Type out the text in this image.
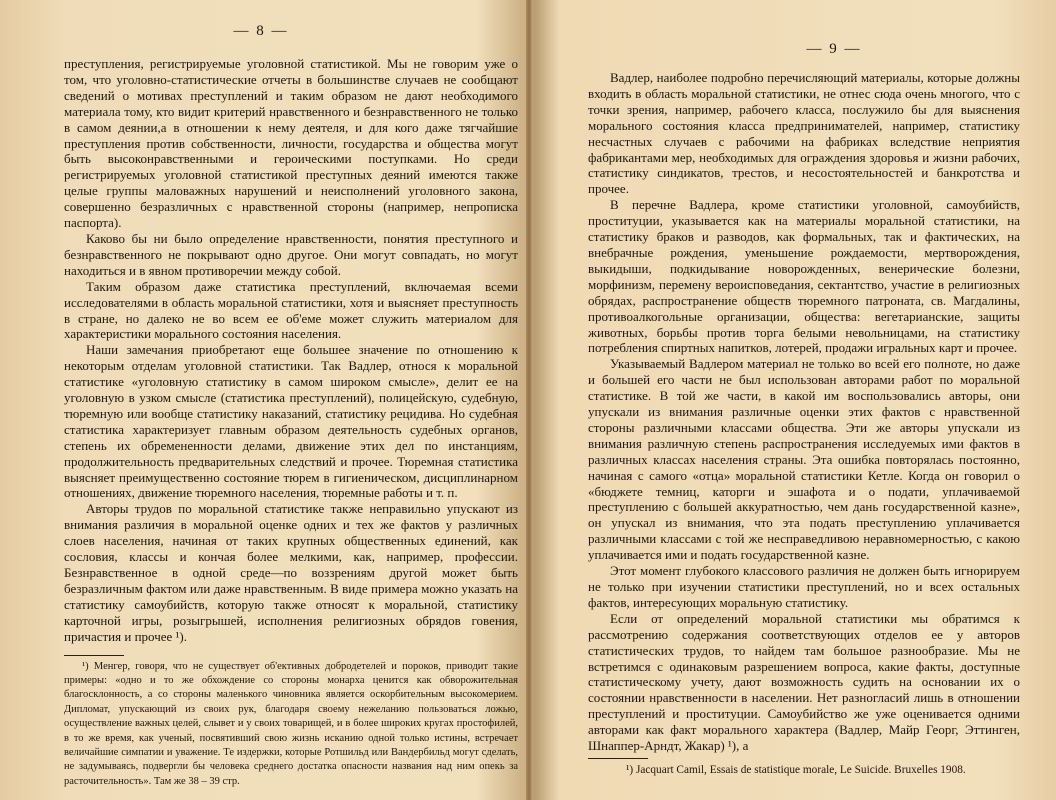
— 8 —

преступления, регистрируемые уголовной статистикой. Мы не говорим уже о том, что уголовно-статистические отчеты в большинстве случаев не сообщают сведений о мотивах преступлений и таким образом не дают необходимого материала тому, кто видит критерий нравственного и безнравственного не только в самом деянии,а в отношении к нему деятеля, и для кого даже тягчайшие преступления против собственности, личности, государства и общества могут быть высоконравственными и героическими поступками. Но среди регистрируемых уголовной статистикой преступных деяний имеются также целые группы маловажных нарушений и неисполнений уголовного закона, совершенно безразличных с нравственной стороны (например, непрописка паспорта).

Каково бы ни было определение нравственности, понятия преступного и безнравственного не покрывают одно другое. Они могут совпадать, но могут находиться и в явном противоречии между собой.

Таким образом даже статистика преступлений, включаемая всеми исследователями в область моральной статистики, хотя и выясняет преступность в стране, но далеко не во всем ее об'еме может служить материалом для характеристики морального состояния населения.

Наши замечания приобретают еще большее значение по отношению к некоторым отделам уголовной статистики. Так Вадлер, относя к моральной статистике «уголовную статистику в самом широком смысле», делит ее на уголовную в узком смысле (статистика преступлений), полицейскую, судебную, тюремную или вообще статистику наказаний, статистику рецидива. Но судебная статистика характеризует главным образом деятельность судебных органов, степень их обремененности делами, движение этих дел по инстанциям, продолжительность предварительных следствий и прочее. Тюремная статистика выясняет преимущественно состояние тюрем в гигиеническом, дисциплинарном отношениях, движение тюремного населения, тюремные работы и т. п.

Авторы трудов по моральной статистике также неправильно упускают из внимания различия в моральной оценке одних и тех же фактов у различных слоев населения, начиная от таких крупных общественных единений, как сословия, классы и кончая более мелкими, как, например, профессии. Безнравственное в одной среде—по воззрениям другой может быть безразличным фактом или даже нравственным. В виде примера можно указать на статистику самоубийств, которую также относят к моральной, статистику карточной игры, розыгрышей, исполнения религиозных обрядов говения, причастия и прочее ¹).

¹) Менгер, говоря, что не существует об'ективных добродетелей и пороков, приводит такие примеры: «одно и то же обхождение со стороны монарха ценится как обворожительная благосклонность, а со стороны маленького чиновника является оскорбительным высокомерием. Дипломат, упускающий из своих рук, благодаря своему нежеланию пользоваться ложью, осуществление важных целей, слывет и у своих товарищей, и в более широких кругах простофилей, в то же время, как ученый, посвятивший свою жизнь исканию одной только истины, встречает величайшие симпатии и уважение. Те издержки, которые Ротшильд или Вандербильд могут сделать, не задумываясь, подвергли бы человека среднего достатка опасности названия над ним опекь за расточительность». Там же 38 – 39 стр.

— 9 —

Вадлер, наиболее подробно перечисляющий материалы, которые должны входить в область моральной статистики, не отнес сюда очень многого, что с точки зрения, например, рабочего класса, послужило бы для выяснения морального состояния класса предпринимателей, например, статистику несчастных случаев с рабочими на фабриках вследствие неприятия фабрикантами мер, необходимых для ограждения здоровья и жизни рабочих, статистику синдикатов, трестов, и несостоятельностей и банкротства и прочее.

В перечне Вадлера, кроме статистики уголовной, самоубийств, проституции, указывается как на материалы моральной статистики, на статистику браков и разводов, как формальных, так и фактических, на внебрачные рождения, уменьшение рождаемости, мертворождения, выкидыши, подкидывание новорожденных, венерические болезни, морфинизм, перемену вероисповедания, сектантство, участие в религиозных обрядах, распространение обществ тюремного патроната, св. Магдалины, противоалкогольные организации, общества: вегетарианские, защиты животных, борьбы против торга белыми невольницами, на статистику потребления спиртных напитков, лотерей, продажи игральных карт и прочее.

Указываемый Вадлером материал не только во всей его полноте, но даже и большей его части не был использован авторами работ по моральной статистике. В той же части, в какой им воспользовались авторы, они упускали из внимания различные оценки этих фактов с нравственной стороны различными классами общества. Эти же авторы упускали из внимания различную степень распространения исследуемых ими фактов в различных классах населения страны. Эта ошибка повторялась постоянно, начиная с самого «отца» моральной статистики Кетле. Когда он говорил о «бюджете темниц, каторги и эшафота и о подати, уплачиваемой преступлению с большей аккуратностью, чем дань государственной казне», он упускал из внимания, что эта подать преступлению уплачивается различными классами с той же несправедливою неравномерностью, с какою уплачивается ими и подать государственной казне.

Этот момент глубокого классового различия не должен быть игнорируем не только при изучении статистики преступлений, но и всех остальных фактов, интересующих моральную статистику.

Если от определений моральной статистики мы обратимся к рассмотрению содержания соответствующих отделов ее у авторов статистических трудов, то найдем там большое разнообразие. Мы не встретимся с одинаковым разрешением вопроса, какие факты, доступные статистическому учету, дают возможность судить на основании их о состоянии нравственности в населении. Нет разногласий лишь в отношении преступлений и проституции. Самоубийство же уже оценивается одними авторами как факт морального характера (Вадлер, Майр Георг, Эттинген, Шнаппер-Арндт, Жакар) ¹), а

¹) Jacquart Camil, Essais de statistique morale, Le Suicide. Bruxelles 1908.
